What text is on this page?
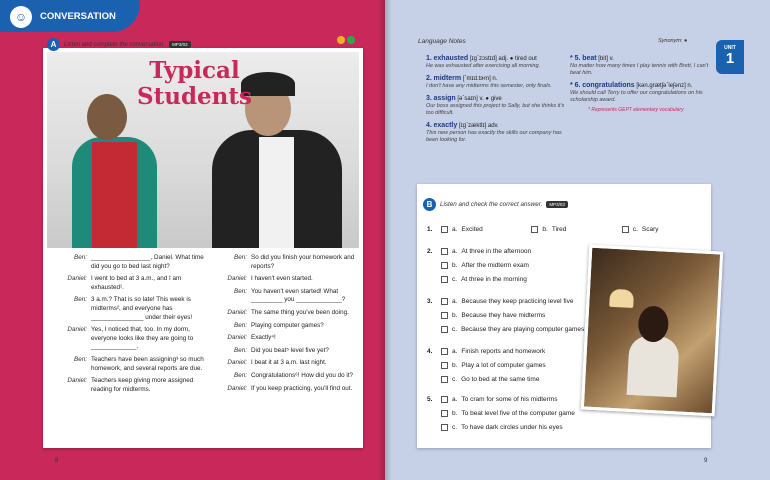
☺	CONVERSATION
A	Listen and complete the conversation.	MP3/02
Typical
Students
Ben: _________________, Daniel. What time did you go to bed last night?
Daniel: I went to bed at 3 a.m., and I am exhausted¹.
Ben: 3 a.m.? That is so late! This week is midterms², and everyone has _______________ under their eyes!
Daniel: Yes, I noticed that, too. In my dorm, everyone looks like they are going to _____________.
Ben: Teachers have been assigning³ so much homework, and several reports are due.
Daniel: Teachers keep giving more assigned reading for midterms.
Ben: So did you finish your homework and reports?
Daniel: I haven't even started.
Ben: You haven't even started! What _________ you _____________?
Daniel: The same thing you've been doing.
Ben: Playing computer games?
Daniel: Exactly⁴!
Ben: Did you beat⁵ level five yet?
Daniel: I beat it at 3 a.m. last night.
Ben: Congratulations⁶! How did you do it?
Daniel: If you keep practicing, you'll find out.
Language Notes	Synonym: ●
UNIT
1
1. exhausted [ɪgˋzɔstɪd] adj. ● tired out
He was exhausted after exercising all morning.
2. midterm [ˋmɪd.tɝm] n.
I don't have any midterms this semester, only finals.
3. assign [əˋsaɪn] v. ● give
Our boss assigned this project to Sally, but she thinks it's too difficult.
4. exactly [ɪgˋzæktlɪ] adv.
This new person has exactly the skills our company has been looking for.
* 5. beat [bit] v.
No matter how many times I play tennis with Brett, I can't beat him.
* 6. congratulations [kən.grætʃəˋleʃənz] n.
We should call Terry to offer our congratulations on his scholarship award.
* Represents GEPT elementary vocabulary
B	Listen and check the correct answer.	MP3/03
1.	a. Excited	b. Tired	c. Scary
2.	a. At three in the afternoon
b. After the midterm exam
c. At three in the morning
3.	a. Because they keep practicing level five
b. Because they have midterms
c. Because they are playing computer games
4.	a. Finish reports and homework
b. Play a lot of computer games
c. Go to bed at the same time
5.	a. To cram for some of his midterms
b. To beat level five of the computer game
c. To have dark circles under his eyes
8	9
